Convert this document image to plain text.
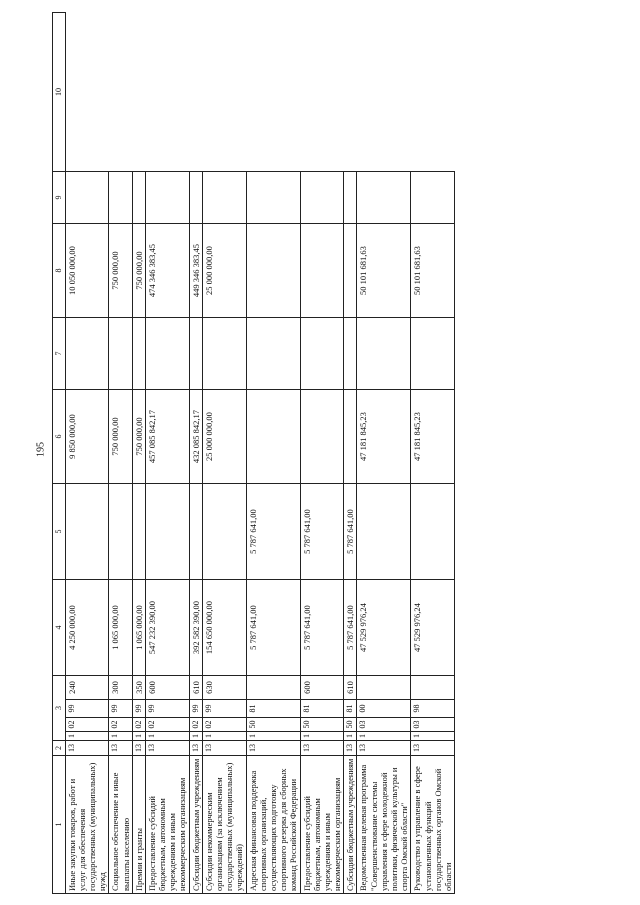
195
1	2	3				4	5	6	7	8	9	10
Иные закупки товаров, работ и услуг для обеспечения государственных (муниципальных) нужд	13	1	02	99	240	4 250 000,00		9 850 000,00		10 050 000,00		
Социальное обеспечение и иные выплаты населению	13	1	02	99	300	1 065 000,00		750 000,00		750 000,00		
Премии и гранты	13	1	02	99	350	1 065 000,00		750 000,00		750 000,00		
Предоставление субсидий бюджетным, автономным учреждениям и иным некоммерческим организациям	13	1	02	99	600	547 232 390,00		457 085 842,17		474 346 383,45		
Субсидии бюджетным учреждениям	13	1	02	99	610	392 582 390,00		432 085 842,17		449 346 383,45		
Субсидии некоммерческим организациям (за исключением государственных (муниципальных) учреждений)	13	1	02	99	630	154 650 000,00		25 000 000,00		25 000 000,00		
Адресная финансовая поддержка спортивных организаций, осуществляющих подготовку спортивного резерва для сборных команд Российской Федерации	13	1	50	81		5 787 641,00	5 787 641,00					
Предоставление субсидий бюджетным, автономным учреждениям и иным некоммерческим организациям	13	1	50	81	600	5 787 641,00	5 787 641,00					
Субсидии бюджетным учреждениям	13	1	50	81	610	5 787 641,00	5 787 641,00					
Ведомственная целевая программа "Совершенствование системы управления в сфере молодежной политики, физической культуры и спорта Омской области"	13	1	03	00		47 529 976,24		47 181 845,23		50 101 681,63		
Руководство и управление в сфере установленных функций государственных органов Омской области	13	1	03	98		47 529 976,24		47 181 845,23		50 101 681,63		
